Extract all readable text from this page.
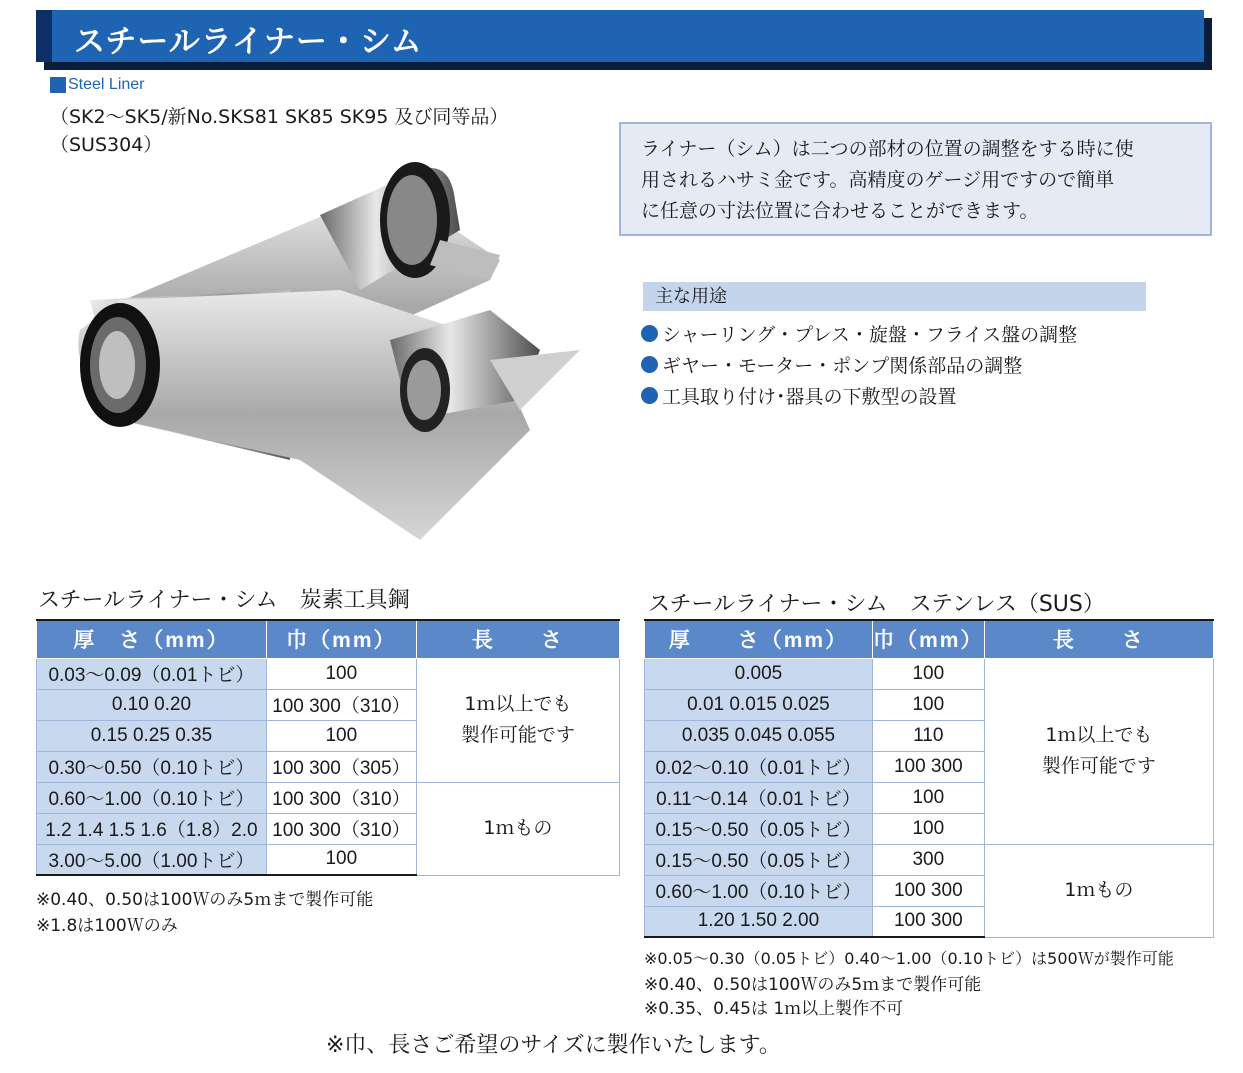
スチールライナー・シム
Steel Liner
（SK2〜SK5/新No.SKS81 SK85 SK95 及び同等品）
（SUS304）	ライナー（シム）は二つの部材の位置の調整をする時に使
用されるハサミ金です。高精度のゲージ用ですので簡単
に任意の寸法位置に合わせることができます。
主な用途
シャーリング・プレス・旋盤・フライス盤の調整
ギヤー・モーター・ポンプ関係部品の調整
工具取り付け･器具の下敷型の設置
スチールライナー・シム　炭素工具鋼
厚　さ（mm）	巾（mm）	長　　さ
0.03〜0.09（0.01トビ）	100	1ｍ以上でも
製作可能です

0.10 0.20	100 300（310）	
0.15 0.25 0.35	100	
0.30〜0.50（0.10トビ）	100 300（305）	
0.60〜1.00（0.10トビ）	100 300（310）	1ｍもの

1.2 1.4 1.5 1.6（1.8）2.0	100 300（310）	
3.00〜5.00（1.00トビ）	100	
※0.40、0.50は100Ｗのみ5ｍまで製作可能
※1.8は100Ｗのみ
スチールライナー・シム　ステンレス（SUS）
厚　　さ（mm）	巾（mm）	長　　さ
0.005	100	1ｍ以上でも
製作可能です

0.01 0.015 0.025	100	
0.035 0.045 0.055	110	
0.02〜0.10（0.01トビ）	100 300	
0.11〜0.14（0.01トビ）	100	
0.15〜0.50（0.05トビ）	100	
0.15〜0.50（0.05トビ）	300	1ｍもの

0.60〜1.00（0.10トビ）	100 300	
1.20 1.50 2.00	100 300	
※0.05〜0.30（0.05トビ）0.40〜1.00（0.10トビ）は500Ｗが製作可能
※0.40、0.50は100Ｗのみ5ｍまで製作可能
※0.35、0.45は 1ｍ以上製作不可
※巾、長さご希望のサイズに製作いたします。
